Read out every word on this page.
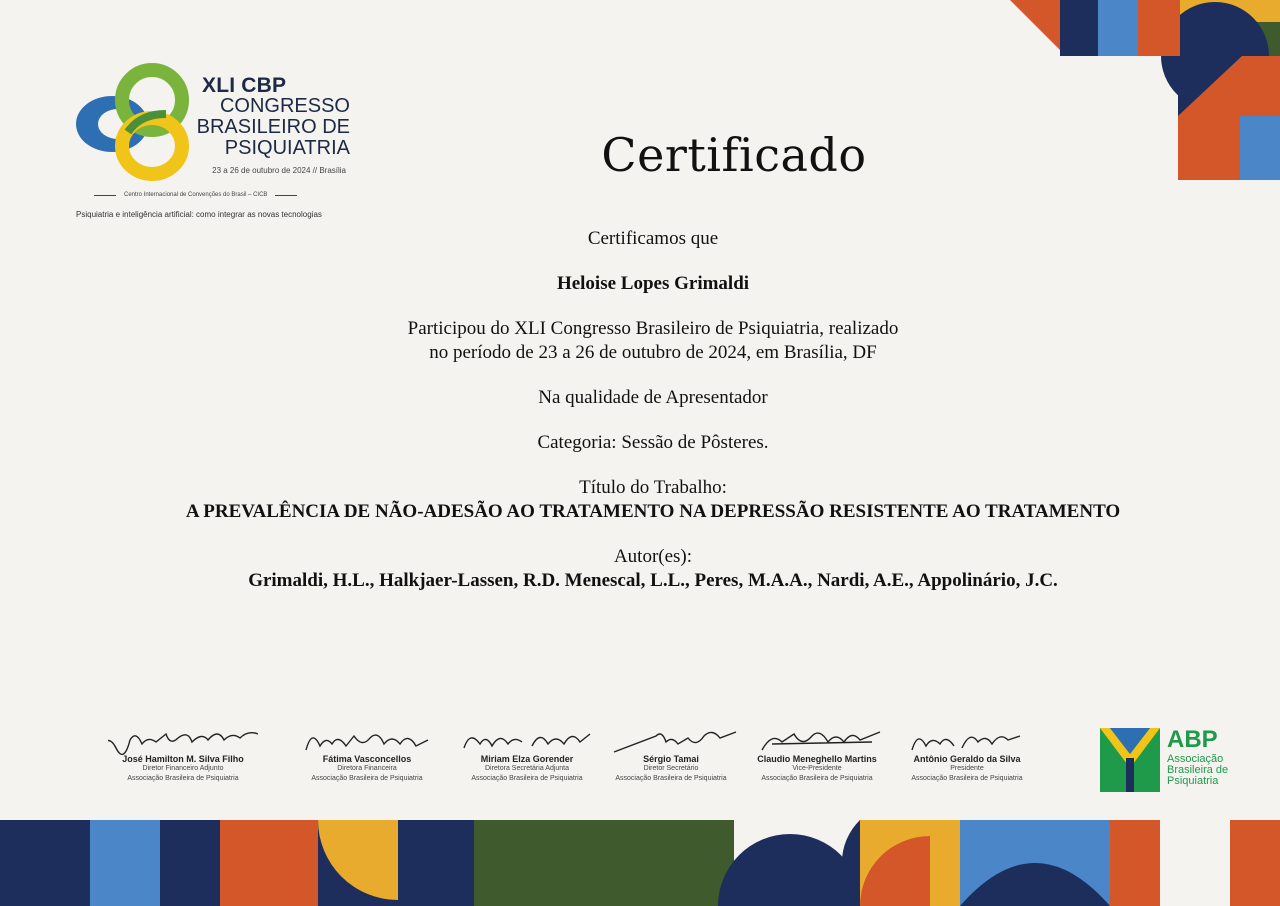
XLI CBP
CONGRESSO
BRASILEIRO DE
PSIQUIATRIA
23 a 26 de outubro de 2024 // Brasília
Centro Internacional de Convenções do Brasil – CICB
Psiquiatria e inteligência artificial: como integrar as novas tecnologias
Certificado
Certificamos que
Heloise Lopes Grimaldi
Participou do XLI Congresso Brasileiro de Psiquiatria, realizado
no período de 23 a 26 de outubro de 2024, em Brasília, DF
Na qualidade de Apresentador
Categoria: Sessão de Pôsteres.
Título do Trabalho:
A PREVALÊNCIA DE NÃO-ADESÃO AO TRATAMENTO NA DEPRESSÃO RESISTENTE AO TRATAMENTO
Autor(es):
Grimaldi, H.L., Halkjaer-Lassen, R.D. Menescal, L.L., Peres, M.A.A., Nardi, A.E., Appolinário, J.C.
José Hamilton M. Silva Filho
Diretor Financeiro Adjunto
Associação Brasileira de Psiquiatria
Fátima Vasconcellos
Diretora Financeira
Associação Brasileira de Psiquiatria
Miriam Elza Gorender
Diretora Secretária Adjunta
Associação Brasileira de Psiquiatria
Sérgio Tamai
Diretor Secretário
Associação Brasileira de Psiquiatria
Claudio Meneghello Martins
Vice-Presidente
Associação Brasileira de Psiquiatria
Antônio Geraldo da Silva
Presidente
Associação Brasileira de Psiquiatria
ABP
Associação
Brasileira de
Psiquiatria
